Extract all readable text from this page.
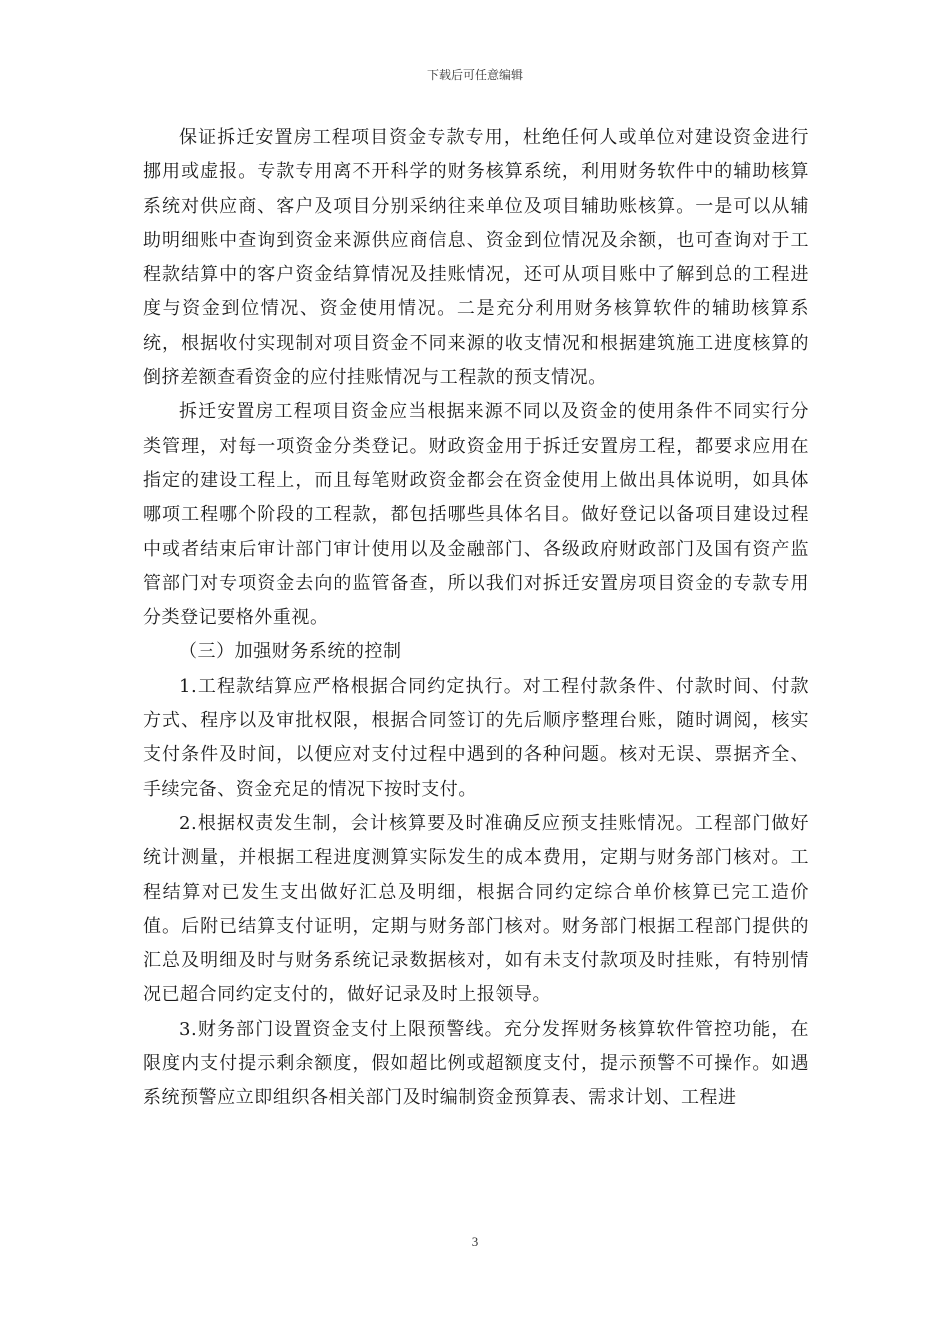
下载后可任意编辑

保证拆迁安置房工程项目资金专款专用，杜绝任何人或单位对建设资金进行挪用或虚报。专款专用离不开科学的财务核算系统，利用财务软件中的辅助核算系统对供应商、客户及项目分别采纳往来单位及项目辅助账核算。一是可以从辅助明细账中查询到资金来源供应商信息、资金到位情况及余额，也可查询对于工程款结算中的客户资金结算情况及挂账情况，还可从项目账中了解到总的工程进度与资金到位情况、资金使用情况。二是充分利用财务核算软件的辅助核算系统，根据收付实现制对项目资金不同来源的收支情况和根据建筑施工进度核算的倒挤差额查看资金的应付挂账情况与工程款的预支情况。

拆迁安置房工程项目资金应当根据来源不同以及资金的使用条件不同实行分类管理，对每一项资金分类登记。财政资金用于拆迁安置房工程，都要求应用在指定的建设工程上，而且每笔财政资金都会在资金使用上做出具体说明，如具体哪项工程哪个阶段的工程款，都包括哪些具体名目。做好登记以备项目建设过程中或者结束后审计部门审计使用以及金融部门、各级政府财政部门及国有资产监管部门对专项资金去向的监管备查，所以我们对拆迁安置房项目资金的专款专用分类登记要格外重视。

（三）加强财务系统的控制

1.工程款结算应严格根据合同约定执行。对工程付款条件、付款时间、付款方式、程序以及审批权限，根据合同签订的先后顺序整理台账，随时调阅，核实支付条件及时间，以便应对支付过程中遇到的各种问题。核对无误、票据齐全、手续完备、资金充足的情况下按时支付。

2.根据权责发生制，会计核算要及时准确反应预支挂账情况。工程部门做好统计测量，并根据工程进度测算实际发生的成本费用，定期与财务部门核对。工程结算对已发生支出做好汇总及明细，根据合同约定综合单价核算已完工造价值。后附已结算支付证明，定期与财务部门核对。财务部门根据工程部门提供的汇总及明细及时与财务系统记录数据核对，如有未支付款项及时挂账，有特别情况已超合同约定支付的，做好记录及时上报领导。

3.财务部门设置资金支付上限预警线。充分发挥财务核算软件管控功能，在限度内支付提示剩余额度，假如超比例或超额度支付，提示预警不可操作。如遇系统预警应立即组织各相关部门及时编制资金预算表、需求计划、工程进

3
